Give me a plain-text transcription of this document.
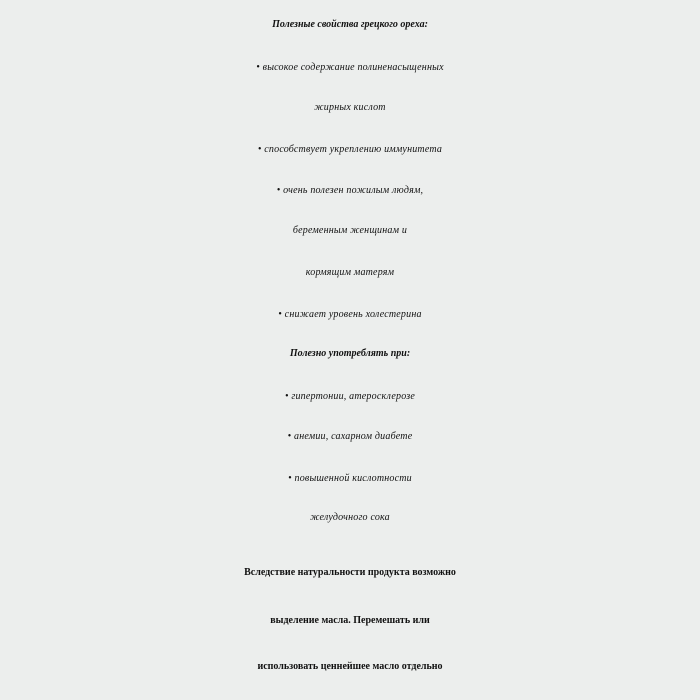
Полезные свойства грецкого ореха:
• высокое содержание полиненасыщенных
жирных кислот
• способствует укреплению иммунитета
• очень полезен пожилым людям,
беременным женщинам и
кормящим матерям
• снижает уровень холестерина
Полезно употреблять при:
• гипертонии, атеросклерозе
• анемии, сахарном диабете
• повышенной кислотности
желудочного сока
Вследствие натуральности продукта возможно
выделение масла. Перемешать или
использовать ценнейшее масло отдельно
